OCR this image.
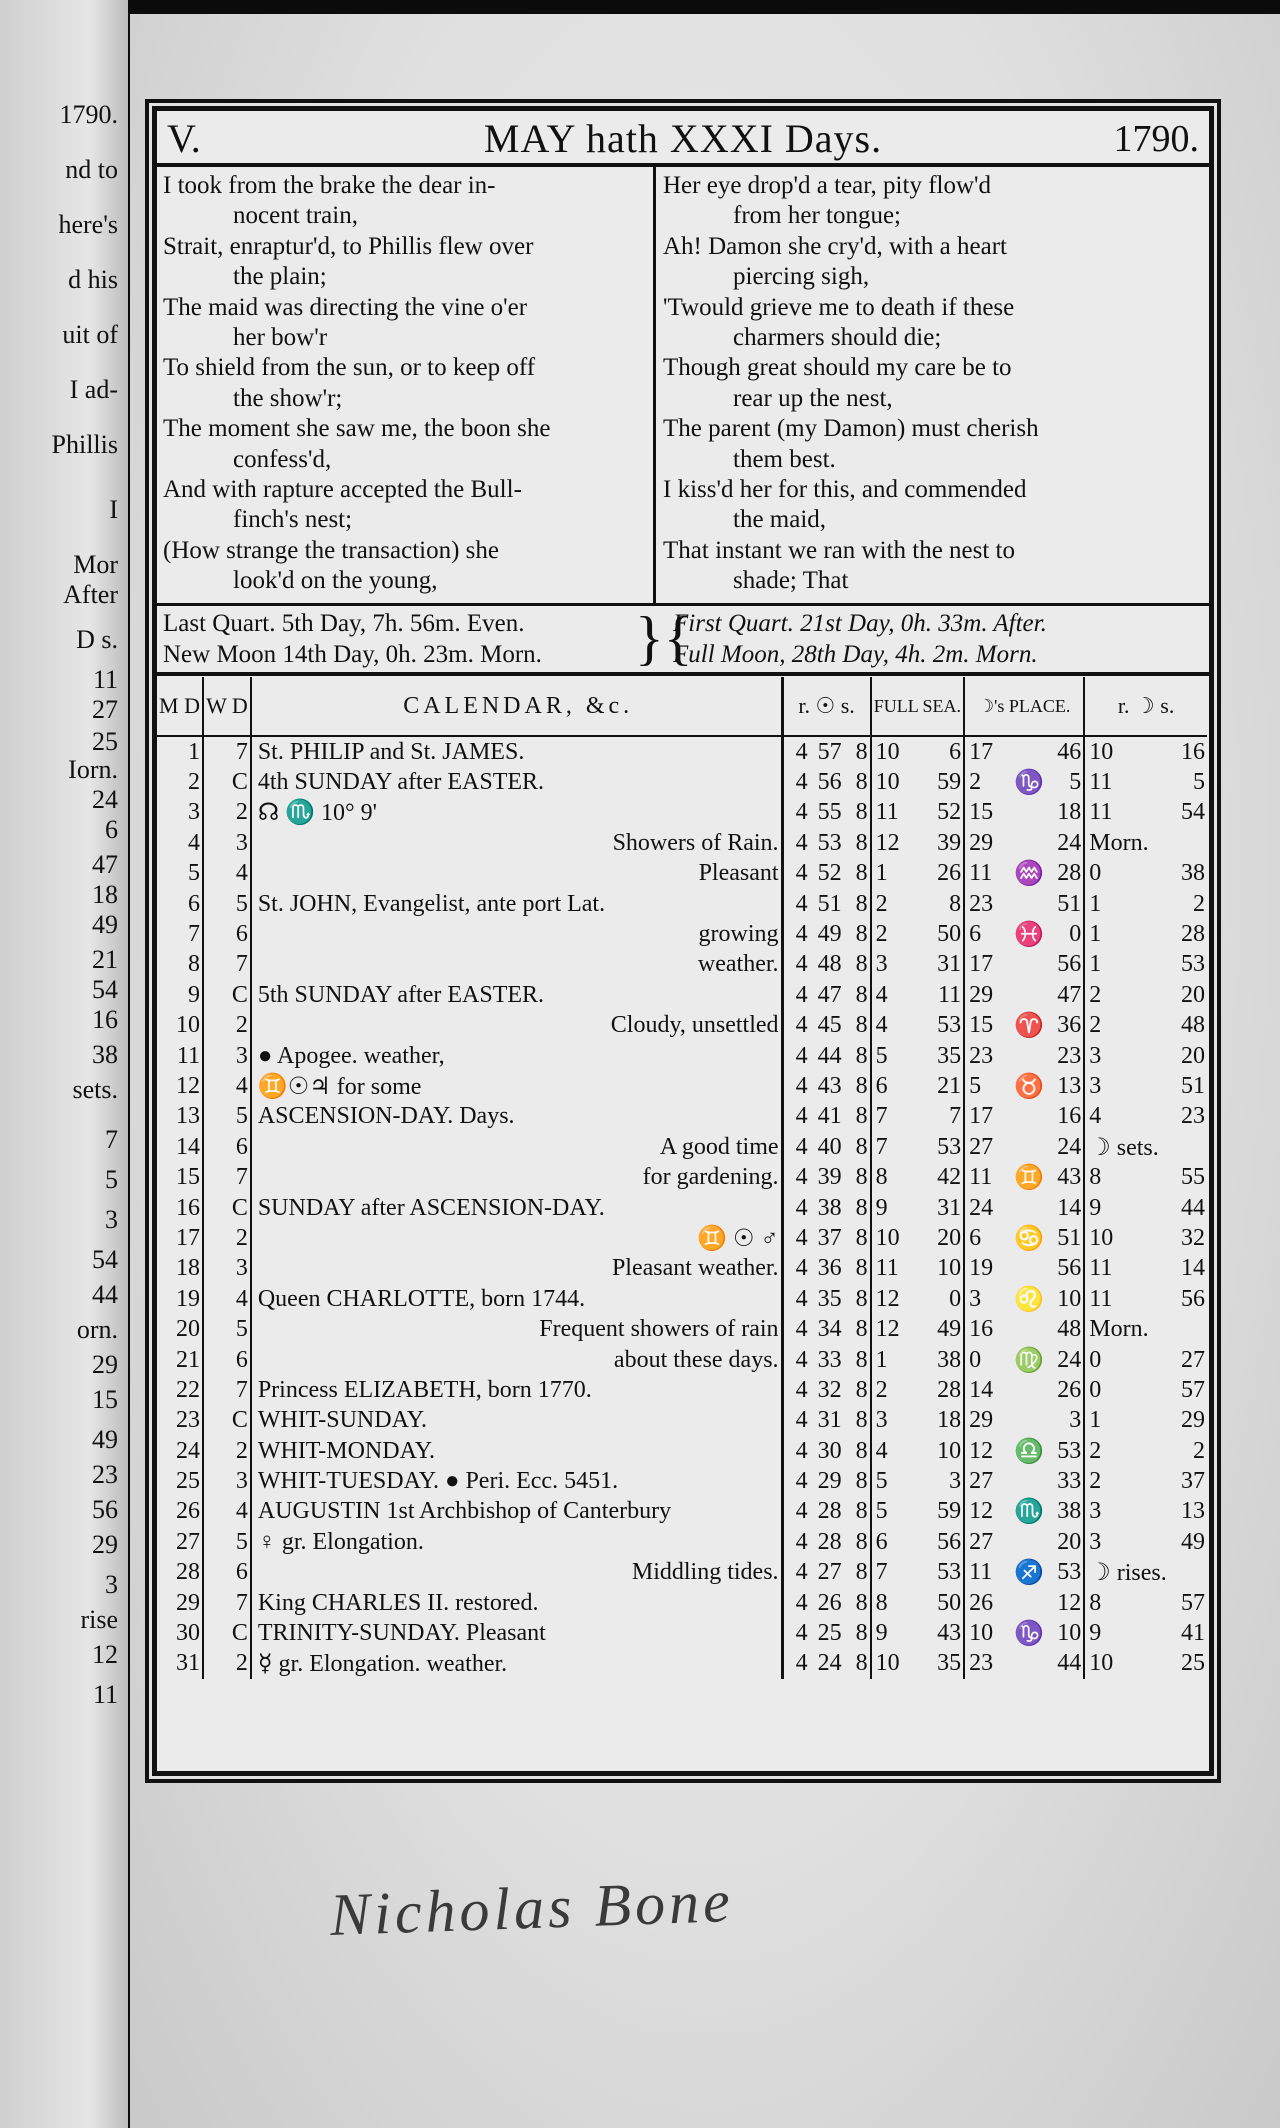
1790.
nd to
here's
d his
uit of
I ad-
Phillis
I
Mor
After
D s.
11
27
25
Iorn.
24
6
47
18
49
21
54
16
38
sets.
7
5
3
54
44
orn.
29
15
49
23
56
29
3
rise
12
11
V.	MAY hath XXXI Days.	1790.
I took from the brake the dear in-
nocent train,
Strait, enraptur'd, to Phillis flew over
the plain;
The maid was directing the vine o'er
her bow'r
To shield from the sun, or to keep off
the show'r;
The moment she saw me, the boon she
confess'd,
And with rapture accepted the Bull-
finch's nest;
(How strange the transaction) she
look'd on the young,
Her eye drop'd a tear, pity flow'd
from her tongue;
Ah! Damon she cry'd, with a heart
piercing sigh,
'Twould grieve me to death if these
charmers should die;
Though great should my care be to
rear up the nest,
The parent (my Damon) must cherish
them best.
I kiss'd her for this, and commended
the maid,
That instant we ran with the nest to
shade; That
Last Quart. 5th Day, 7h. 56m. Even.
New Moon 14th Day, 0h. 23m. Morn.	}{
First Quart. 21st Day, 0h. 33m. After.
Full Moon, 28th Day, 4h. 2m. Morn.
M D	W D	CALENDAR, &c.	r. ☉ s.			FULL SEA.		☽'s PLACE.			r. ☽ s.	
1	7	St. PHILIP and St. JAMES.	4	57	8	10	6	17		46	10	16
2	C	4th SUNDAY after EASTER.	4	56	8	10	59	2	♑	5	11	5
3	2	☊ ♏ 10° 9'	4	55	8	11	52	15		18	11	54
4	3	Showers of Rain.	4	53	8	12	39	29		24	Morn.	
5	4	Pleasant	4	52	8	1	26	11	♒	28	0	38
6	5	St. JOHN, Evangelist, ante port Lat.	4	51	8	2	8	23		51	1	2
7	6	growing	4	49	8	2	50	6	♓	0	1	28
8	7	weather.	4	48	8	3	31	17		56	1	53
9	C	5th SUNDAY after EASTER.	4	47	8	4	11	29		47	2	20
10	2	Cloudy, unsettled	4	45	8	4	53	15	♈	36	2	48
11	3	● Apogee. weather,	4	44	8	5	35	23		23	3	20
12	4	♊☉♃ for some	4	43	8	6	21	5	♉	13	3	51
13	5	ASCENSION-DAY. Days.	4	41	8	7	7	17		16	4	23
14	6	A good time	4	40	8	7	53	27		24	☽ sets.	
15	7	for gardening.	4	39	8	8	42	11	♊	43	8	55
16	C	SUNDAY after ASCENSION-DAY.	4	38	8	9	31	24		14	9	44
17	2	♊ ☉ ♂	4	37	8	10	20	6	♋	51	10	32
18	3	Pleasant weather.	4	36	8	11	10	19		56	11	14
19	4	Queen CHARLOTTE, born 1744.	4	35	8	12	0	3	♌	10	11	56
20	5	Frequent showers of rain	4	34	8	12	49	16		48	Morn.	
21	6	about these days.	4	33	8	1	38	0	♍	24	0	27
22	7	Princess ELIZABETH, born 1770.	4	32	8	2	28	14		26	0	57
23	C	WHIT-SUNDAY.	4	31	8	3	18	29		3	1	29
24	2	WHIT-MONDAY.	4	30	8	4	10	12	♎	53	2	2
25	3	WHIT-TUESDAY. ● Peri. Ecc. 5451.	4	29	8	5	3	27		33	2	37
26	4	AUGUSTIN 1st Archbishop of Canterbury	4	28	8	5	59	12	♏	38	3	13
27	5	♀ gr. Elongation.	4	28	8	6	56	27		20	3	49
28	6	Middling tides.	4	27	8	7	53	11	♐	53	☽ rises.	
29	7	King CHARLES II. restored.	4	26	8	8	50	26		12	8	57
30	C	TRINITY-SUNDAY. Pleasant	4	25	8	9	43	10	♑	10	9	41
31	2	☿ gr. Elongation. weather.	4	24	8	10	35	23		44	10	25
Nicholas Bone
